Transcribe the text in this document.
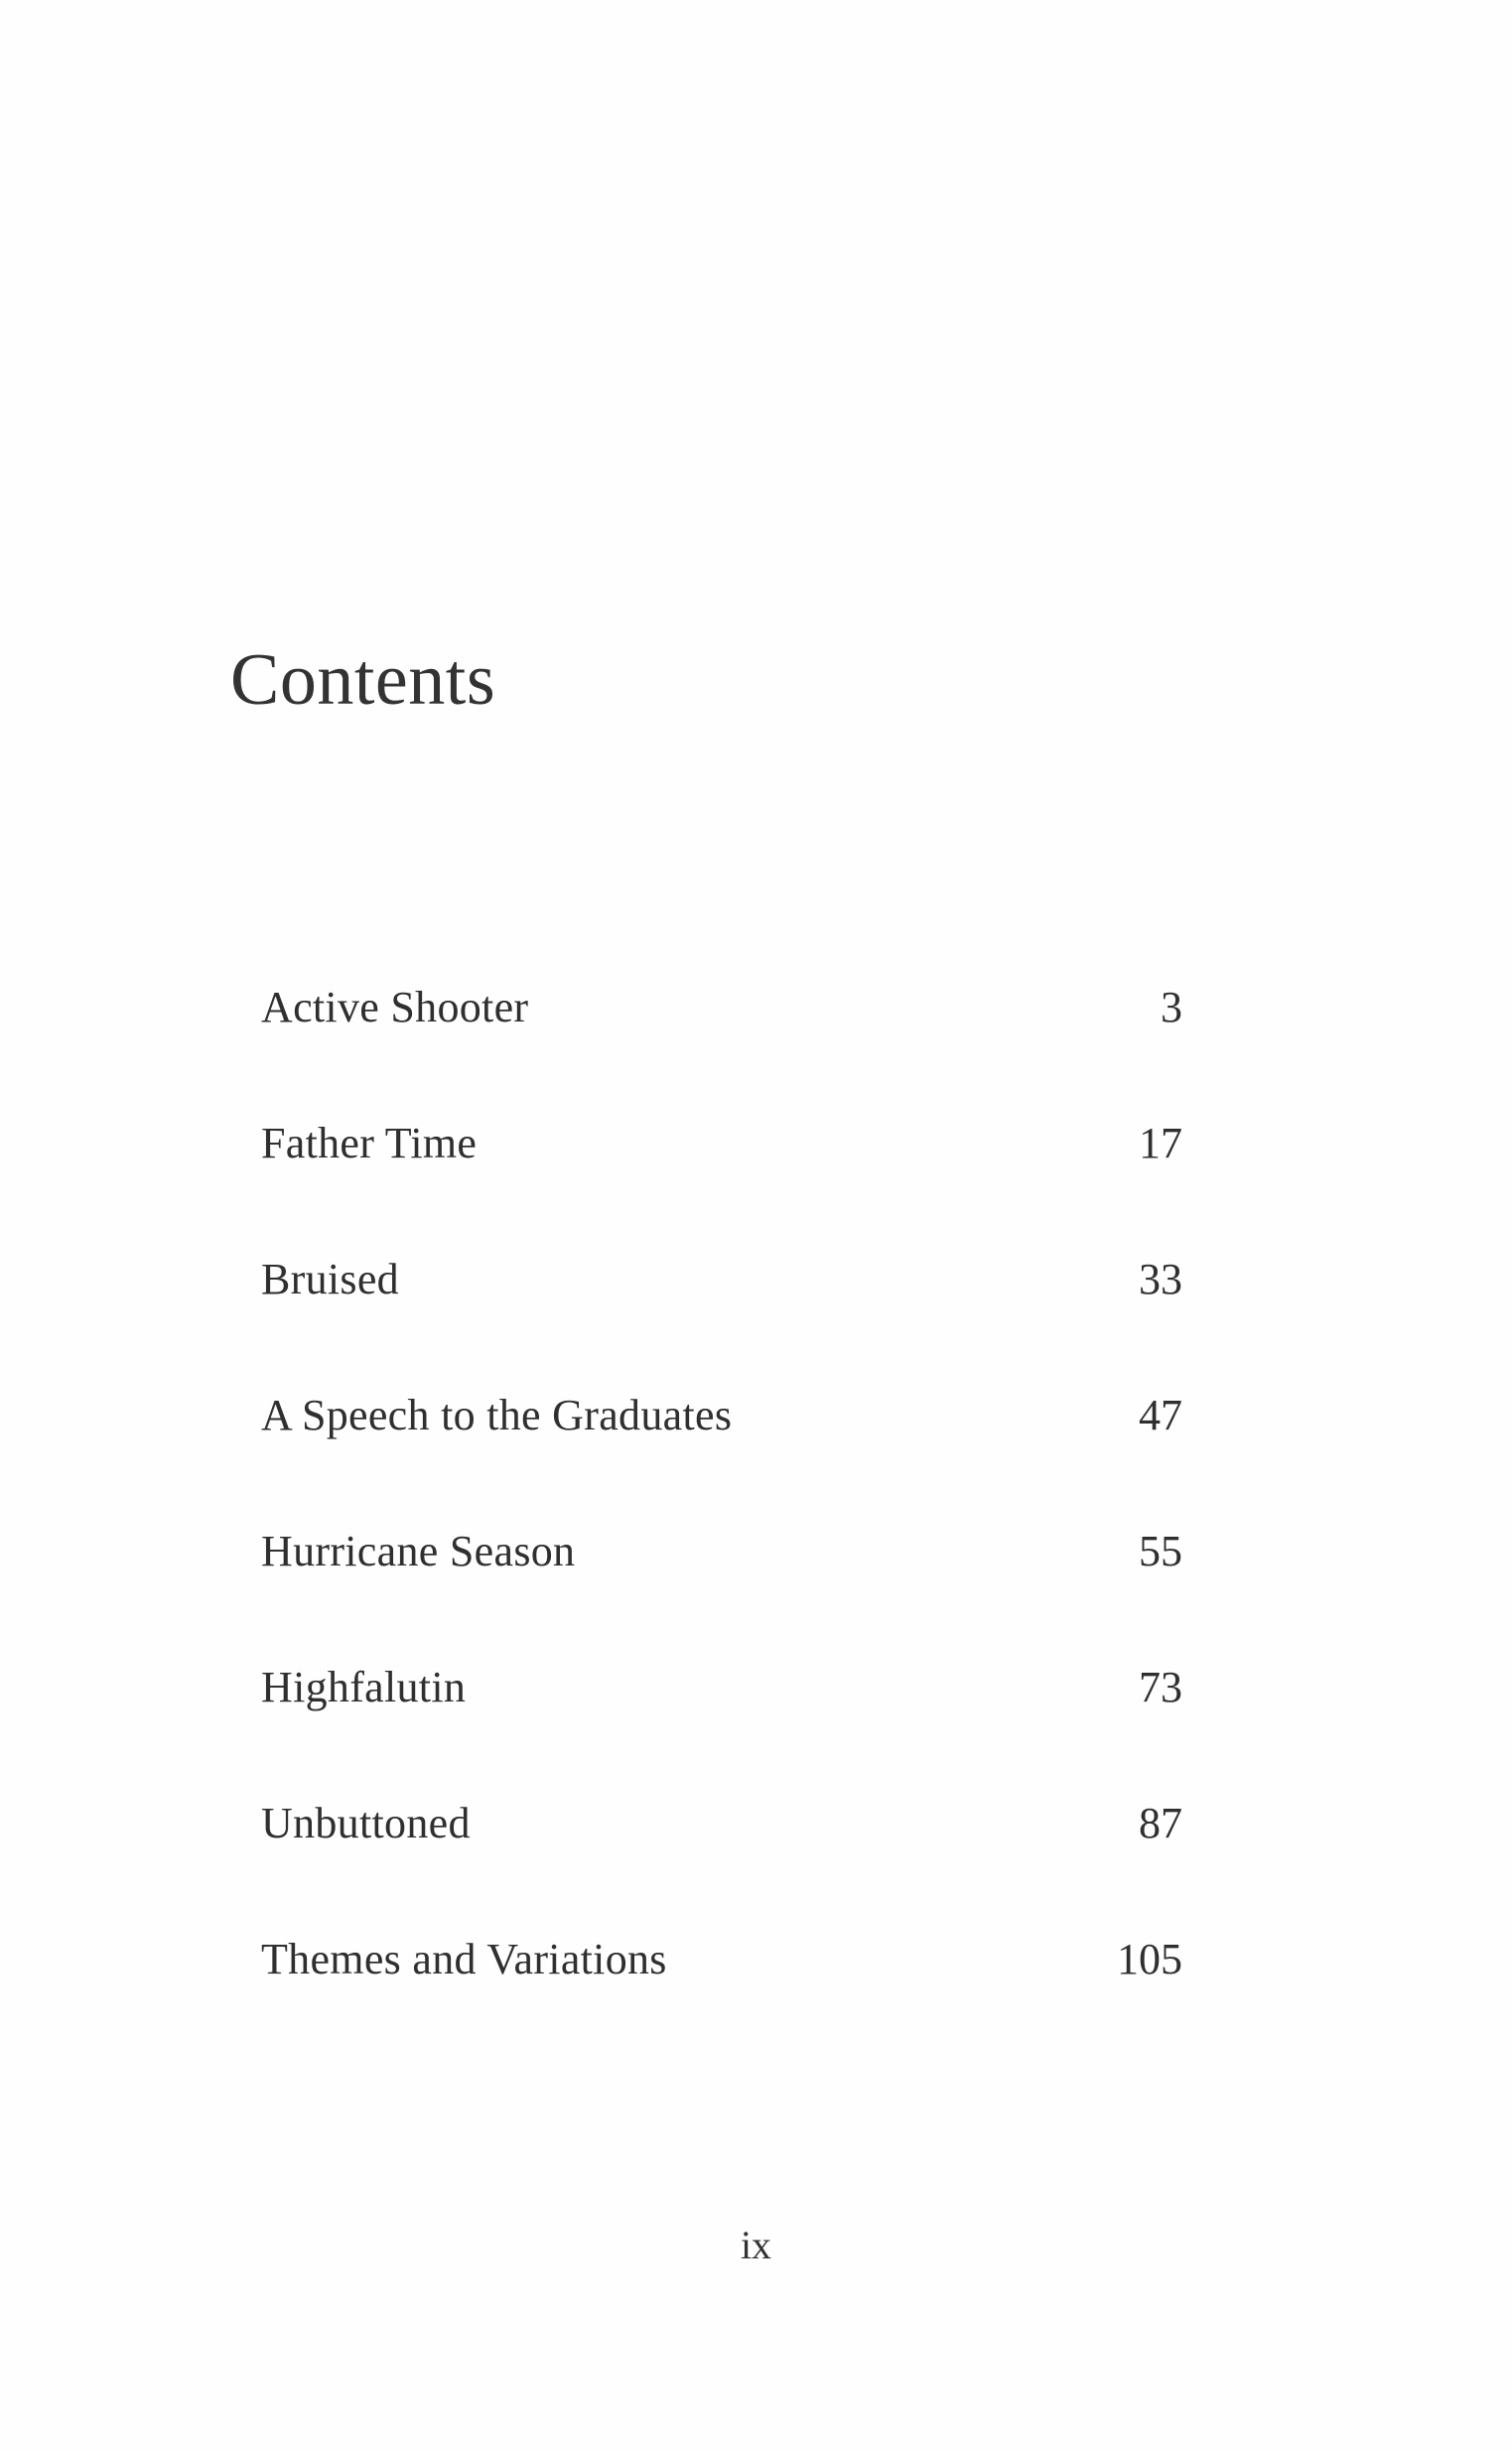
Contents
Active Shooter	3
Father Time	17
Bruised	33
A Speech to the Graduates	47
Hurricane Season	55
Highfalutin	73
Unbuttoned	87
Themes and Variations	105
ix
